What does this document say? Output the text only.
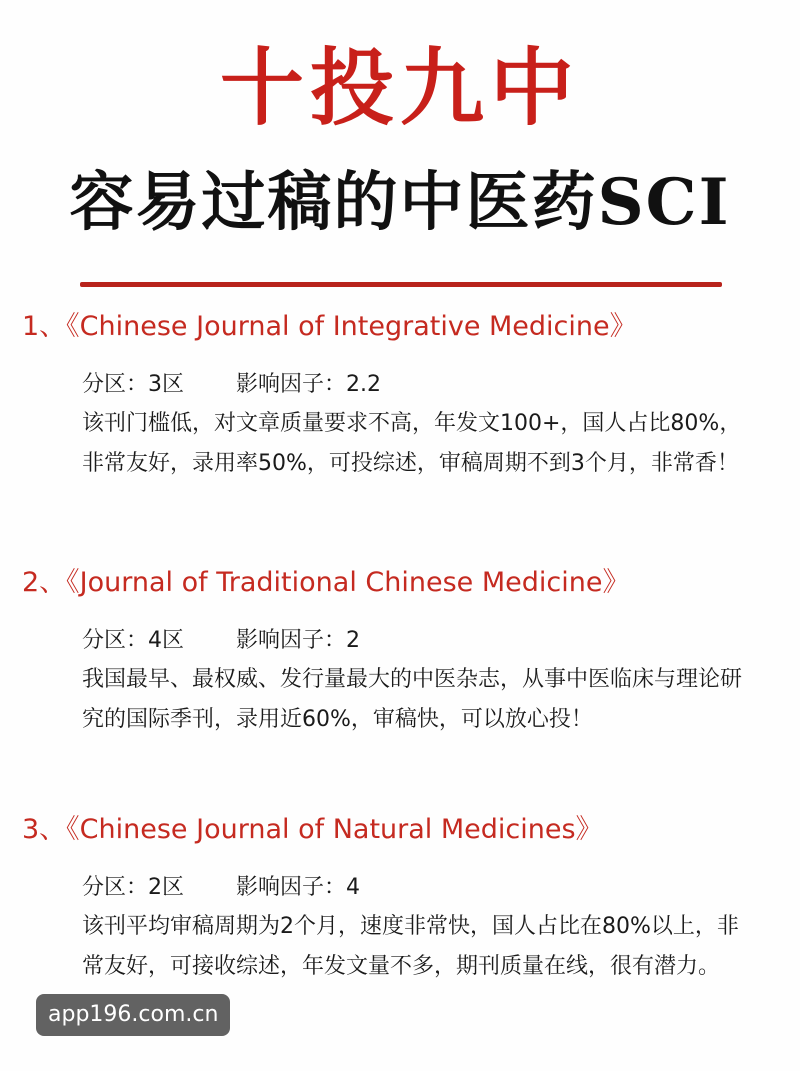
十投九中
容易过稿的中医药SCI
1、《Chinese Journal of Integrative Medicine》
分区：3区 影响因子：2.2
该刊门槛低，对文章质量要求不高，年发文100+，国人占比80%，非常友好，录用率50%，可投综述，审稿周期不到3个月，非常香！
2、《Journal of Traditional Chinese Medicine》
分区：4区 影响因子：2
我国最早、最权威、发行量最大的中医杂志，从事中医临床与理论研究的国际季刊，录用近60%，审稿快，可以放心投！
3、《Chinese Journal of Natural Medicines》
分区：2区 影响因子：4
该刊平均审稿周期为2个月，速度非常快，国人占比在80%以上，非常友好，可接收综述，年发文量不多，期刊质量在线，很有潜力。
app196.com.cn
